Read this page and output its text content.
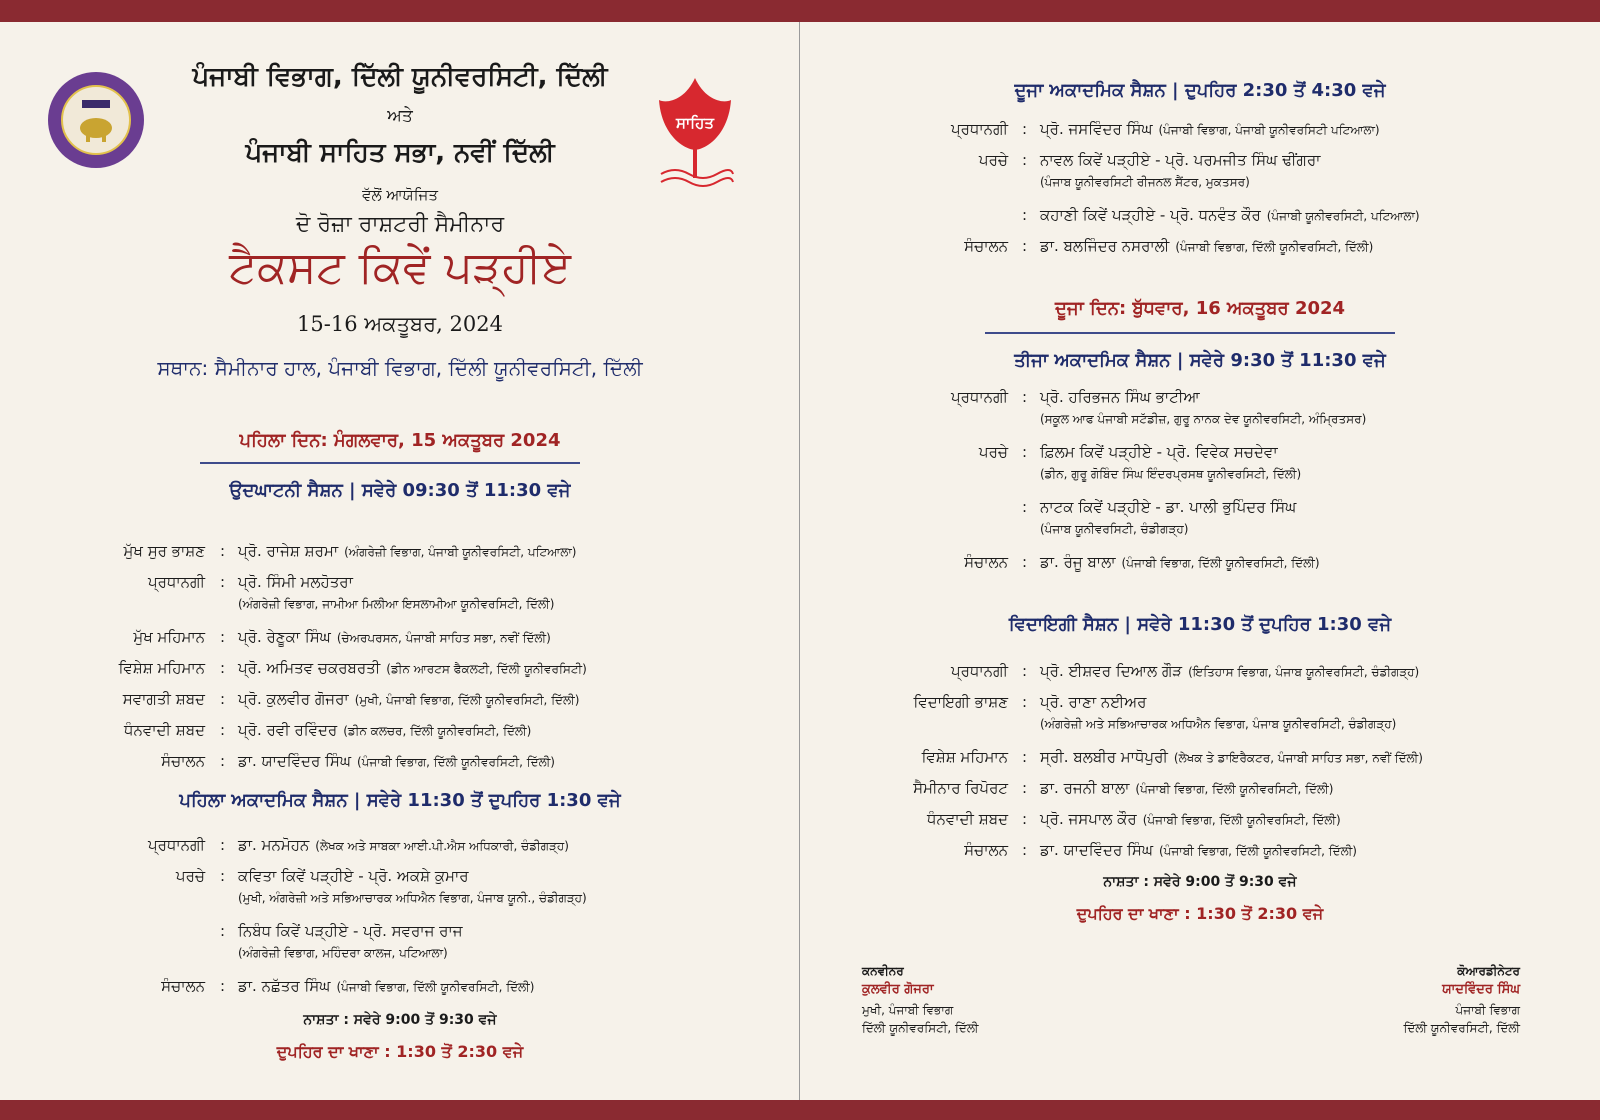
ਪੰਜਾਬੀ ਵਿਭਾਗ, ਦਿੱਲੀ ਯੂਨੀਵਰਸਿਟੀ, ਦਿੱਲੀ
ਅਤੇ
ਪੰਜਾਬੀ ਸਾਹਿਤ ਸਭਾ, ਨਵੀਂ ਦਿੱਲੀ
ਵੱਲੋਂ ਆਯੋਜਿਤ
ਦੋ ਰੋਜ਼ਾ ਰਾਸ਼ਟਰੀ ਸੈਮੀਨਾਰ
ਟੈਕਸਟ ਕਿਵੇਂ ਪੜ੍ਹੀਏ
15-16 ਅਕਤੂਬਰ, 2024
ਸਥਾਨ: ਸੈਮੀਨਾਰ ਹਾਲ, ਪੰਜਾਬੀ ਵਿਭਾਗ, ਦਿੱਲੀ ਯੂਨੀਵਰਸਿਟੀ, ਦਿੱਲੀ
ਸਾਹਿਤ
ਪਹਿਲਾ ਦਿਨ: ਮੰਗਲਵਾਰ, 15 ਅਕਤੂਬਰ 2024
ਉਦਘਾਟਨੀ ਸੈਸ਼ਨ | ਸਵੇਰੇ 09:30 ਤੋਂ 11:30 ਵਜੇ
ਮੁੱਖ ਸੁਰ ਭਾਸ਼ਣ : ਪ੍ਰੋ. ਰਾਜੇਸ਼ ਸ਼ਰਮਾ (ਅੰਗਰੇਜ਼ੀ ਵਿਭਾਗ, ਪੰਜਾਬੀ ਯੂਨੀਵਰਸਿਟੀ, ਪਟਿਆਲਾ)
ਪ੍ਰਧਾਨਗੀ : ਪ੍ਰੋ. ਸਿੰਮੀ ਮਲਹੋਤਰਾ
(ਅੰਗਰੇਜ਼ੀ ਵਿਭਾਗ, ਜਾਮੀਆ ਮਿਲੀਆ ਇਸਲਾਮੀਆ ਯੂਨੀਵਰਸਿਟੀ, ਦਿੱਲੀ)
ਮੁੱਖ ਮਹਿਮਾਨ : ਪ੍ਰੋ. ਰੇਣੂਕਾ ਸਿੰਘ (ਚੇਅਰਪਰਸਨ, ਪੰਜਾਬੀ ਸਾਹਿਤ ਸਭਾ, ਨਵੀਂ ਦਿੱਲੀ)
ਵਿਸ਼ੇਸ਼ ਮਹਿਮਾਨ : ਪ੍ਰੋ. ਅਮਿਤਵ ਚਕਰਬਰਤੀ (ਡੀਨ ਆਰਟਸ ਫੈਕਲਟੀ, ਦਿੱਲੀ ਯੂਨੀਵਰਸਿਟੀ)
ਸਵਾਗਤੀ ਸ਼ਬਦ : ਪ੍ਰੋ. ਕੁਲਵੀਰ ਗੋਜਰਾ (ਮੁਖੀ, ਪੰਜਾਬੀ ਵਿਭਾਗ, ਦਿੱਲੀ ਯੂਨੀਵਰਸਿਟੀ, ਦਿੱਲੀ)
ਧੰਨਵਾਦੀ ਸ਼ਬਦ : ਪ੍ਰੋ. ਰਵੀ ਰਵਿੰਦਰ (ਡੀਨ ਕਲਚਰ, ਦਿੱਲੀ ਯੂਨੀਵਰਸਿਟੀ, ਦਿੱਲੀ)
ਸੰਚਾਲਨ : ਡਾ. ਯਾਦਵਿੰਦਰ ਸਿੰਘ (ਪੰਜਾਬੀ ਵਿਭਾਗ, ਦਿੱਲੀ ਯੂਨੀਵਰਸਿਟੀ, ਦਿੱਲੀ)
ਪਹਿਲਾ ਅਕਾਦਮਿਕ ਸੈਸ਼ਨ | ਸਵੇਰੇ 11:30 ਤੋਂ ਦੁਪਹਿਰ 1:30 ਵਜੇ
ਪ੍ਰਧਾਨਗੀ : ਡਾ. ਮਨਮੋਹਨ (ਲੇਖਕ ਅਤੇ ਸਾਬਕਾ ਆਈ.ਪੀ.ਐਸ ਅਧਿਕਾਰੀ, ਚੰਡੀਗੜ੍ਹ)
ਪਰਚੇ : ਕਵਿਤਾ ਕਿਵੇਂ ਪੜ੍ਹੀਏ - ਪ੍ਰੋ. ਅਕਸ਼ੇ ਕੁਮਾਰ
(ਮੁਖੀ, ਅੰਗਰੇਜ਼ੀ ਅਤੇ ਸਭਿਆਚਾਰਕ ਅਧਿਐਨ ਵਿਭਾਗ, ਪੰਜਾਬ ਯੂਨੀ., ਚੰਡੀਗੜ੍ਹ)
: ਨਿਬੰਧ ਕਿਵੇਂ ਪੜ੍ਹੀਏ - ਪ੍ਰੋ. ਸਵਰਾਜ ਰਾਜ
(ਅੰਗਰੇਜ਼ੀ ਵਿਭਾਗ, ਮਹਿੰਦਰਾ ਕਾਲਜ, ਪਟਿਆਲਾ)
ਸੰਚਾਲਨ : ਡਾ. ਨਛੱਤਰ ਸਿੰਘ (ਪੰਜਾਬੀ ਵਿਭਾਗ, ਦਿੱਲੀ ਯੂਨੀਵਰਸਿਟੀ, ਦਿੱਲੀ)
ਨਾਸ਼ਤਾ : ਸਵੇਰੇ 9:00 ਤੋਂ 9:30 ਵਜੇ
ਦੁਪਹਿਰ ਦਾ ਖਾਣਾ : 1:30 ਤੋਂ 2:30 ਵਜੇ
ਦੂਜਾ ਅਕਾਦਮਿਕ ਸੈਸ਼ਨ | ਦੁਪਹਿਰ 2:30 ਤੋਂ 4:30 ਵਜੇ
ਪ੍ਰਧਾਨਗੀ : ਪ੍ਰੋ. ਜਸਵਿੰਦਰ ਸਿੰਘ (ਪੰਜਾਬੀ ਵਿਭਾਗ, ਪੰਜਾਬੀ ਯੂਨੀਵਰਸਿਟੀ ਪਟਿਆਲਾ)
ਪਰਚੇ : ਨਾਵਲ ਕਿਵੇਂ ਪੜ੍ਹੀਏ - ਪ੍ਰੋ. ਪਰਮਜੀਤ ਸਿੰਘ ਢੀਂਗਰਾ
(ਪੰਜਾਬ ਯੂਨੀਵਰਸਿਟੀ ਰੀਜਨਲ ਸੈਂਟਰ, ਮੁਕਤਸਰ)
: ਕਹਾਣੀ ਕਿਵੇਂ ਪੜ੍ਹੀਏ - ਪ੍ਰੋ. ਧਨਵੰਤ ਕੌਰ (ਪੰਜਾਬੀ ਯੂਨੀਵਰਸਿਟੀ, ਪਟਿਆਲਾ)
ਸੰਚਾਲਨ : ਡਾ. ਬਲਜਿੰਦਰ ਨਸਰਾਲੀ (ਪੰਜਾਬੀ ਵਿਭਾਗ, ਦਿੱਲੀ ਯੂਨੀਵਰਸਿਟੀ, ਦਿੱਲੀ)
ਦੂਜਾ ਦਿਨ: ਬੁੱਧਵਾਰ, 16 ਅਕਤੂਬਰ 2024
ਤੀਜਾ ਅਕਾਦਮਿਕ ਸੈਸ਼ਨ | ਸਵੇਰੇ 9:30 ਤੋਂ 11:30 ਵਜੇ
ਪ੍ਰਧਾਨਗੀ : ਪ੍ਰੋ. ਹਰਿਭਜਨ ਸਿੰਘ ਭਾਟੀਆ
(ਸਕੂਲ ਆਫ ਪੰਜਾਬੀ ਸਟੱਡੀਜ਼, ਗੁਰੂ ਨਾਨਕ ਦੇਵ ਯੂਨੀਵਰਸਿਟੀ, ਅੰਮ੍ਰਿਤਸਰ)
ਪਰਚੇ : ਫ਼ਿਲਮ ਕਿਵੇਂ ਪੜ੍ਹੀਏ - ਪ੍ਰੋ. ਵਿਵੇਕ ਸਚਦੇਵਾ
(ਡੀਨ, ਗੁਰੂ ਗੋਬਿੰਦ ਸਿੰਘ ਇੰਦਰਪ੍ਰਸਥ ਯੂਨੀਵਰਸਿਟੀ, ਦਿੱਲੀ)
: ਨਾਟਕ ਕਿਵੇਂ ਪੜ੍ਹੀਏ - ਡਾ. ਪਾਲੀ ਭੁਪਿੰਦਰ ਸਿੰਘ
(ਪੰਜਾਬ ਯੂਨੀਵਰਸਿਟੀ, ਚੰਡੀਗੜ੍ਹ)
ਸੰਚਾਲਨ : ਡਾ. ਰੰਜੂ ਬਾਲਾ (ਪੰਜਾਬੀ ਵਿਭਾਗ, ਦਿੱਲੀ ਯੂਨੀਵਰਸਿਟੀ, ਦਿੱਲੀ)
ਵਿਦਾਇਗੀ ਸੈਸ਼ਨ | ਸਵੇਰੇ 11:30 ਤੋਂ ਦੁਪਹਿਰ 1:30 ਵਜੇ
ਪ੍ਰਧਾਨਗੀ : ਪ੍ਰੋ. ਈਸ਼ਵਰ ਦਿਆਲ ਗੌੜ (ਇਤਿਹਾਸ ਵਿਭਾਗ, ਪੰਜਾਬ ਯੂਨੀਵਰਸਿਟੀ, ਚੰਡੀਗੜ੍ਹ)
ਵਿਦਾਇਗੀ ਭਾਸ਼ਣ : ਪ੍ਰੋ. ਰਾਣਾ ਨਈਅਰ
(ਅੰਗਰੇਜ਼ੀ ਅਤੇ ਸਭਿਆਚਾਰਕ ਅਧਿਐਨ ਵਿਭਾਗ, ਪੰਜਾਬ ਯੂਨੀਵਰਸਿਟੀ, ਚੰਡੀਗੜ੍ਹ)
ਵਿਸ਼ੇਸ਼ ਮਹਿਮਾਨ : ਸ੍ਰੀ. ਬਲਬੀਰ ਮਾਧੋਪੁਰੀ (ਲੇਖਕ ਤੇ ਡਾਇਰੈਕਟਰ, ਪੰਜਾਬੀ ਸਾਹਿਤ ਸਭਾ, ਨਵੀਂ ਦਿੱਲੀ)
ਸੈਮੀਨਾਰ ਰਿਪੋਰਟ : ਡਾ. ਰਜਨੀ ਬਾਲਾ (ਪੰਜਾਬੀ ਵਿਭਾਗ, ਦਿੱਲੀ ਯੂਨੀਵਰਸਿਟੀ, ਦਿੱਲੀ)
ਧੰਨਵਾਦੀ ਸ਼ਬਦ : ਪ੍ਰੋ. ਜਸਪਾਲ ਕੌਰ (ਪੰਜਾਬੀ ਵਿਭਾਗ, ਦਿੱਲੀ ਯੂਨੀਵਰਸਿਟੀ, ਦਿੱਲੀ)
ਸੰਚਾਲਨ : ਡਾ. ਯਾਦਵਿੰਦਰ ਸਿੰਘ (ਪੰਜਾਬੀ ਵਿਭਾਗ, ਦਿੱਲੀ ਯੂਨੀਵਰਸਿਟੀ, ਦਿੱਲੀ)
ਨਾਸ਼ਤਾ : ਸਵੇਰੇ 9:00 ਤੋਂ 9:30 ਵਜੇ
ਦੁਪਹਿਰ ਦਾ ਖਾਣਾ : 1:30 ਤੋਂ 2:30 ਵਜੇ
ਕਨਵੀਨਰ
ਕੁਲਵੀਰ ਗੋਜਰਾ
ਮੁਖੀ, ਪੰਜਾਬੀ ਵਿਭਾਗ
ਦਿੱਲੀ ਯੂਨੀਵਰਸਿਟੀ, ਦਿੱਲੀ
ਕੋਆਰਡੀਨੇਟਰ
ਯਾਦਵਿੰਦਰ ਸਿੰਘ
ਪੰਜਾਬੀ ਵਿਭਾਗ
ਦਿੱਲੀ ਯੂਨੀਵਰਸਿਟੀ, ਦਿੱਲੀ
